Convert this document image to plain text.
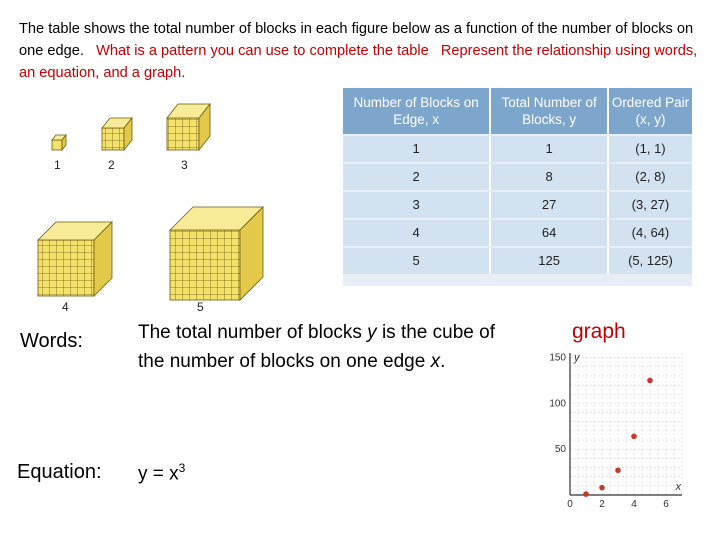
The table shows the total number of blocks in each figure below as a function of the number of blocks on one edge. What is a pattern you can use to complete the table Represent the relationship using words, an equation, and a graph.
1	2	3
4	5
Number of Blocks on Edge, x
Total Number of Blocks, y
Ordered Pair (x, y)
1	1	(1, 1)
2	8	(2, 8)
3	27	(3, 27)
4	64	(4, 64)
5	125	(5, 125)
Words:	The total number of blocks y is the cube of the number of blocks on one edge x.
Equation: $y = x^3$
graph
0	2	4	6
50
100
150
x
y
